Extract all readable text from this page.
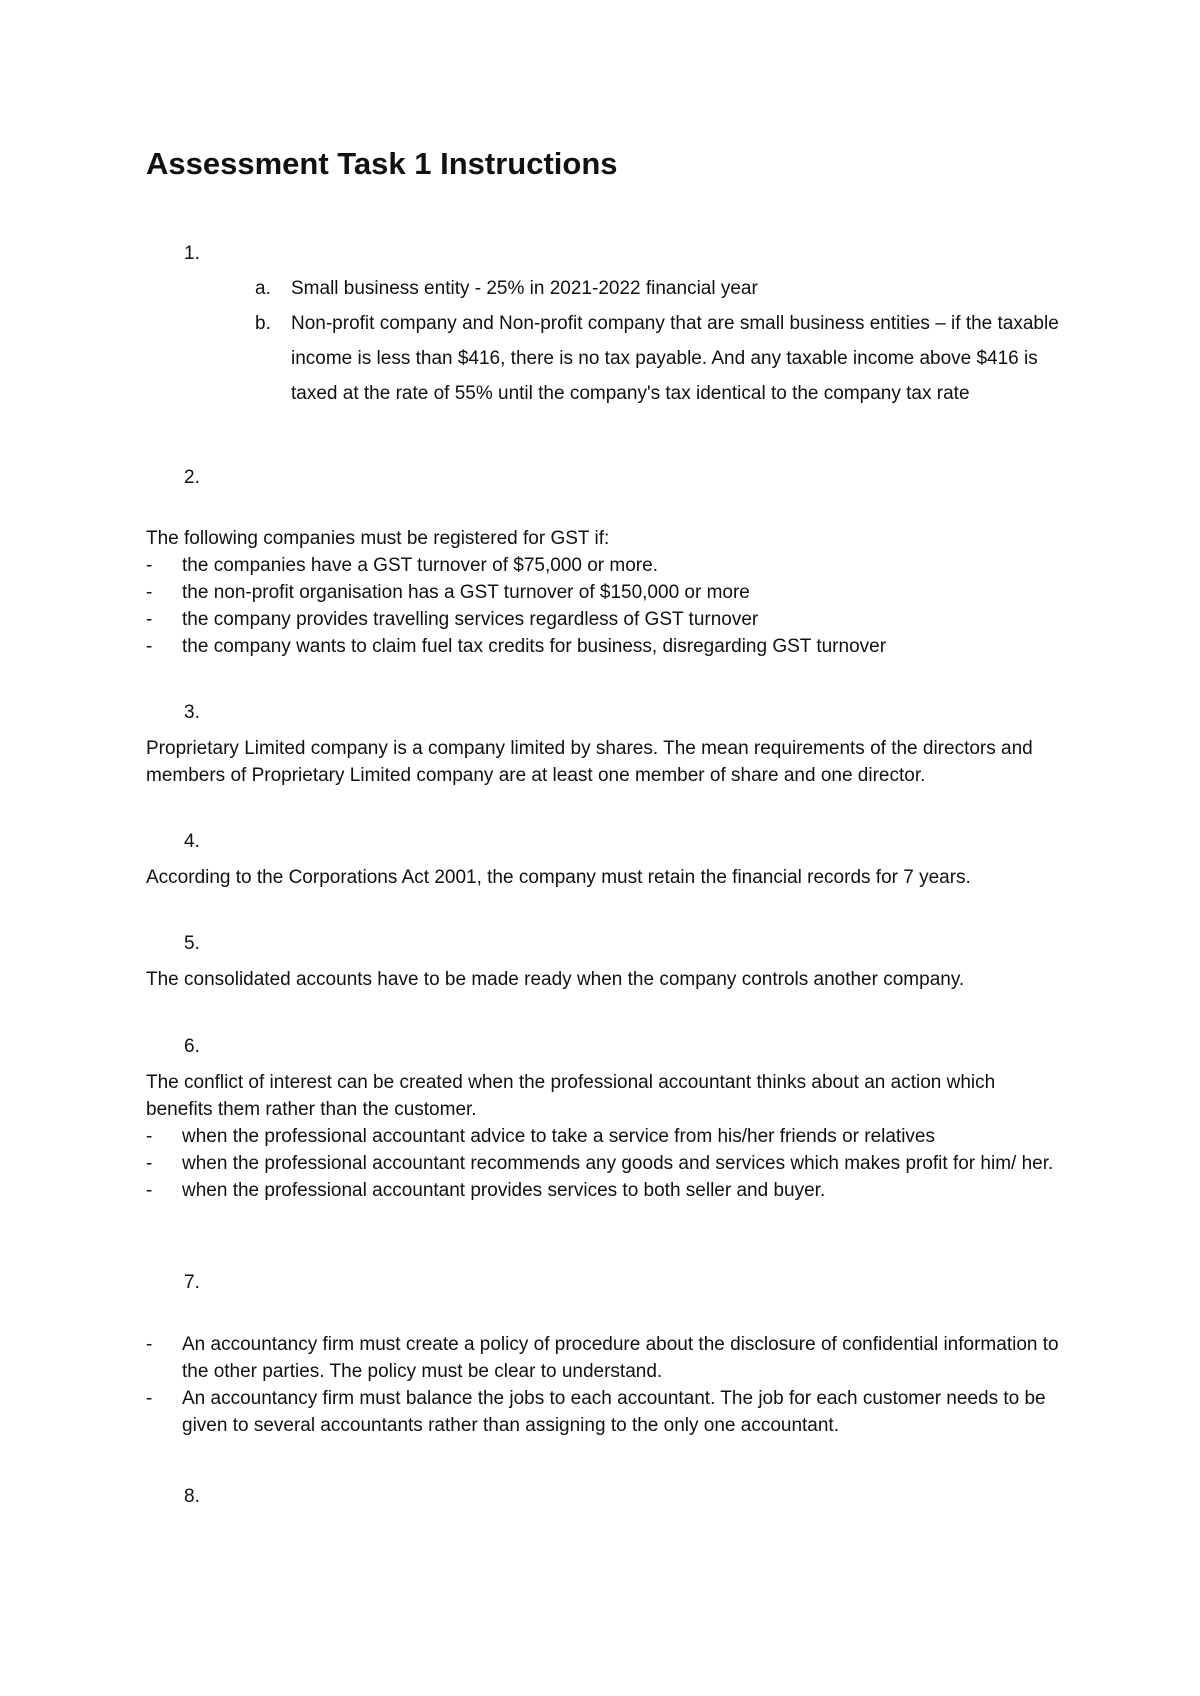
Assessment Task 1 Instructions

1.

a. Small business entity - 25% in 2021-2022 financial year
b. Non-profit company and Non-profit company that are small business entities – if the taxable income is less than $416, there is no tax payable. And any taxable income above $416 is taxed at the rate of 55% until the company's tax identical to the company tax rate

2.

The following companies must be registered for GST if:

- the companies have a GST turnover of $75,000 or more.
- the non-profit organisation has a GST turnover of $150,000 or more
- the company provides travelling services regardless of GST turnover
- the company wants to claim fuel tax credits for business, disregarding GST turnover

3.

Proprietary Limited company is a company limited by shares. The mean requirements of the directors and members of Proprietary Limited company are at least one member of share and one director.

4.

According to the Corporations Act 2001, the company must retain the financial records for 7 years.

5.

The consolidated accounts have to be made ready when the company controls another company.

6.

The conflict of interest can be created when the professional accountant thinks about an action which benefits them rather than the customer.

- when the professional accountant advice to take a service from his/her friends or relatives
- when the professional accountant recommends any goods and services which makes profit for him/ her.
- when the professional accountant provides services to both seller and buyer.

7.

- An accountancy firm must create a policy of procedure about the disclosure of confidential information to the other parties. The policy must be clear to understand.
- An accountancy firm must balance the jobs to each accountant. The job for each customer needs to be given to several accountants rather than assigning to the only one accountant.

8.
